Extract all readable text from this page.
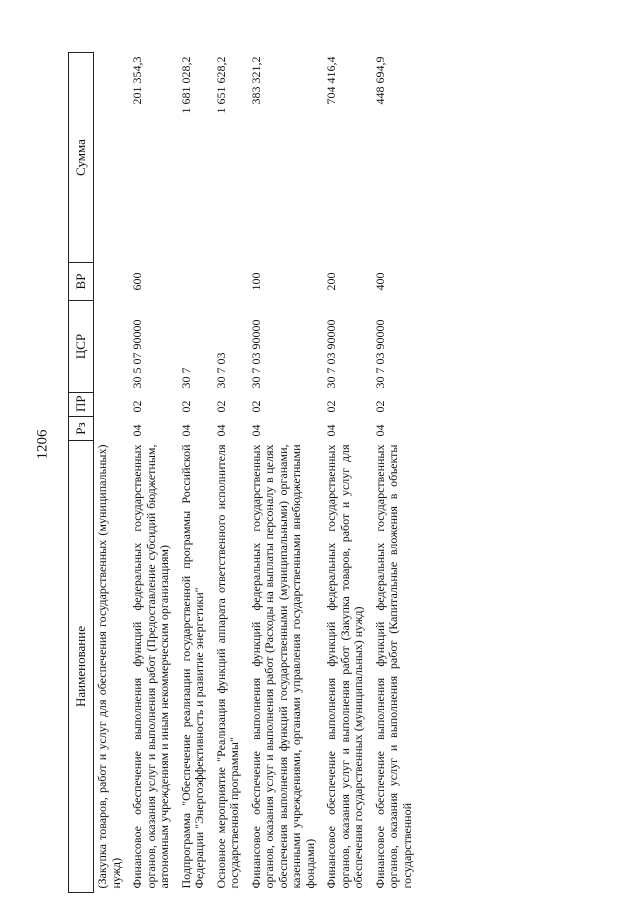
1206
Наименование	Рз	ПР	ЦСР	ВР	Сумма
(Закупка товаров, работ и услуг для обеспечения государственных (муниципальных) нужд)					
Финансовое обеспечение выполнения функций федеральных государственных органов, оказания услуг и выполнения работ (Предоставление субсидий бюджетным, автономным учреждениям и иным некоммерческим организациям)	04	02	30 5 07 90000	600	201 354,3
Подпрограмма "Обеспечение реализации государственной программы Российской Федерации "Энергоэффективность и развитие энергетики"	04	02	30 7		1 681 028,2
Основное мероприятие "Реализация функций аппарата ответственного исполнителя государственной программы"	04	02	30 7 03		1 651 628,2
Финансовое обеспечение выполнения функций федеральных государственных органов, оказания услуг и выполнения работ (Расходы на выплаты персоналу в целях обеспечения выполнения функций государственными (муниципальными) органами, казенными учреждениями, органами управления государственными внебюджетными фондами)	04	02	30 7 03 90000	100	383 321,2
Финансовое обеспечение выполнения функций федеральных государственных органов, оказания услуг и выполнения работ (Закупка товаров, работ и услуг для обеспечения государственных (муниципальных) нужд)	04	02	30 7 03 90000	200	704 416,4
Финансовое обеспечение выполнения функций федеральных государственных органов, оказания услуг и выполнения работ (Капитальные вложения в объекты государственной	04	02	30 7 03 90000	400	448 694,9
